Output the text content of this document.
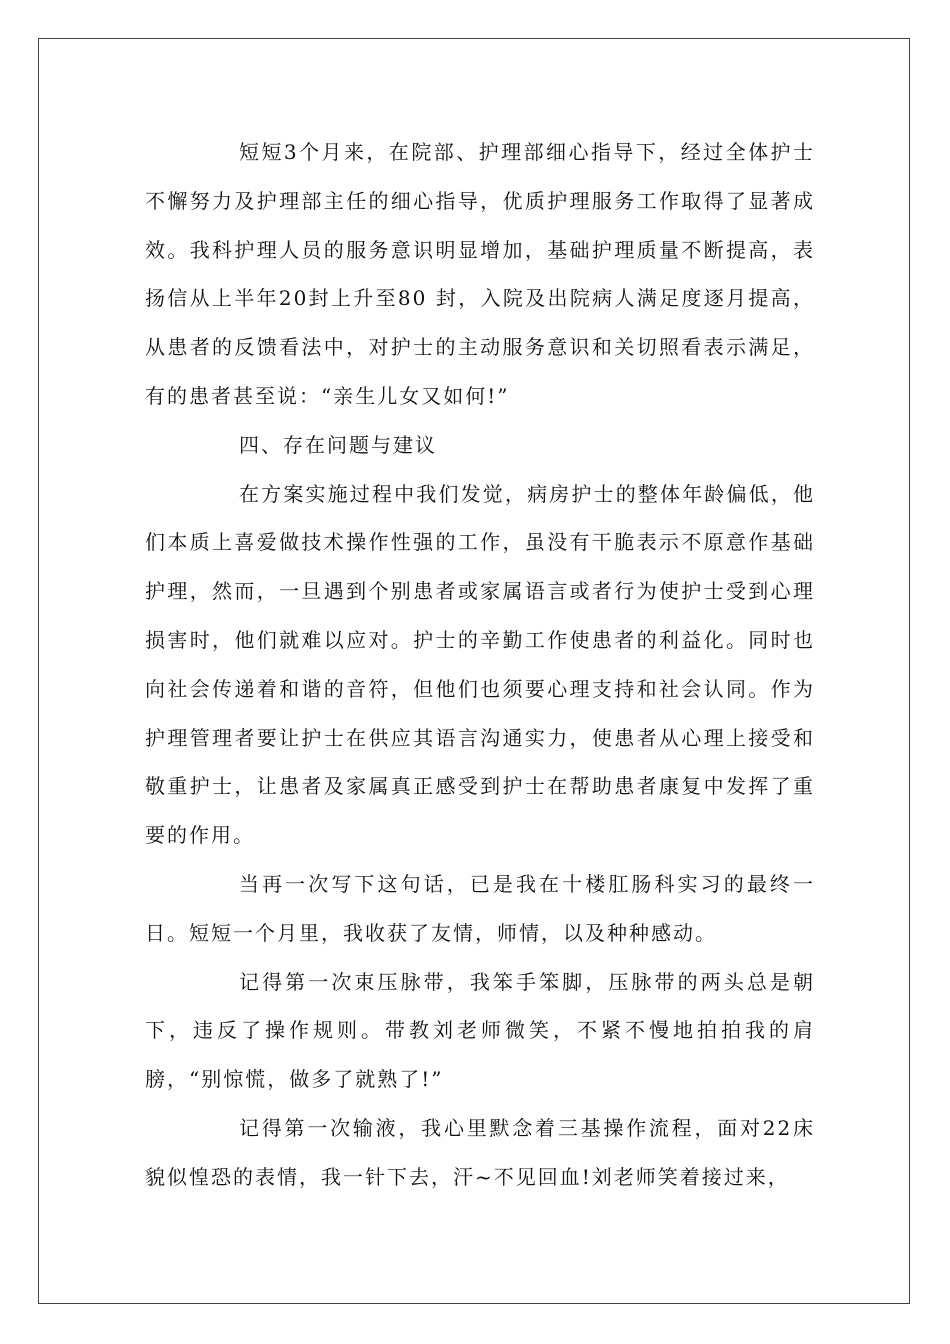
短短3个月来，在院部、护理部细心指导下，经过全体护士不懈努力及护理部主任的细心指导，优质护理服务工作取得了显著成效。我科护理人员的服务意识明显增加，基础护理质量不断提高，表扬信从上半年20封上升至80 封，入院及出院病人满足度逐月提高，从患者的反馈看法中，对护士的主动服务意识和关切照看表示满足，有的患者甚至说：“亲生儿女又如何!”

四、存在问题与建议

在方案实施过程中我们发觉，病房护士的整体年龄偏低，他们本质上喜爱做技术操作性强的工作，虽没有干脆表示不原意作基础护理，然而，一旦遇到个别患者或家属语言或者行为使护士受到心理损害时，他们就难以应对。护士的辛勤工作使患者的利益化。同时也向社会传递着和谐的音符，但他们也须要心理支持和社会认同。作为护理管理者要让护士在供应其语言沟通实力，使患者从心理上接受和敬重护士，让患者及家属真正感受到护士在帮助患者康复中发挥了重要的作用。

当再一次写下这句话，已是我在十楼肛肠科实习的最终一日。短短一个月里，我收获了友情，师情，以及种种感动。

记得第一次束压脉带，我笨手笨脚，压脉带的两头总是朝下，违反了操作规则。带教刘老师微笑，不紧不慢地拍拍我的肩膀，“别惊慌，做多了就熟了!”

记得第一次输液，我心里默念着三基操作流程，面对22床貌似惶恐的表情，我一针下去，汗~不见回血!刘老师笑着接过来，
